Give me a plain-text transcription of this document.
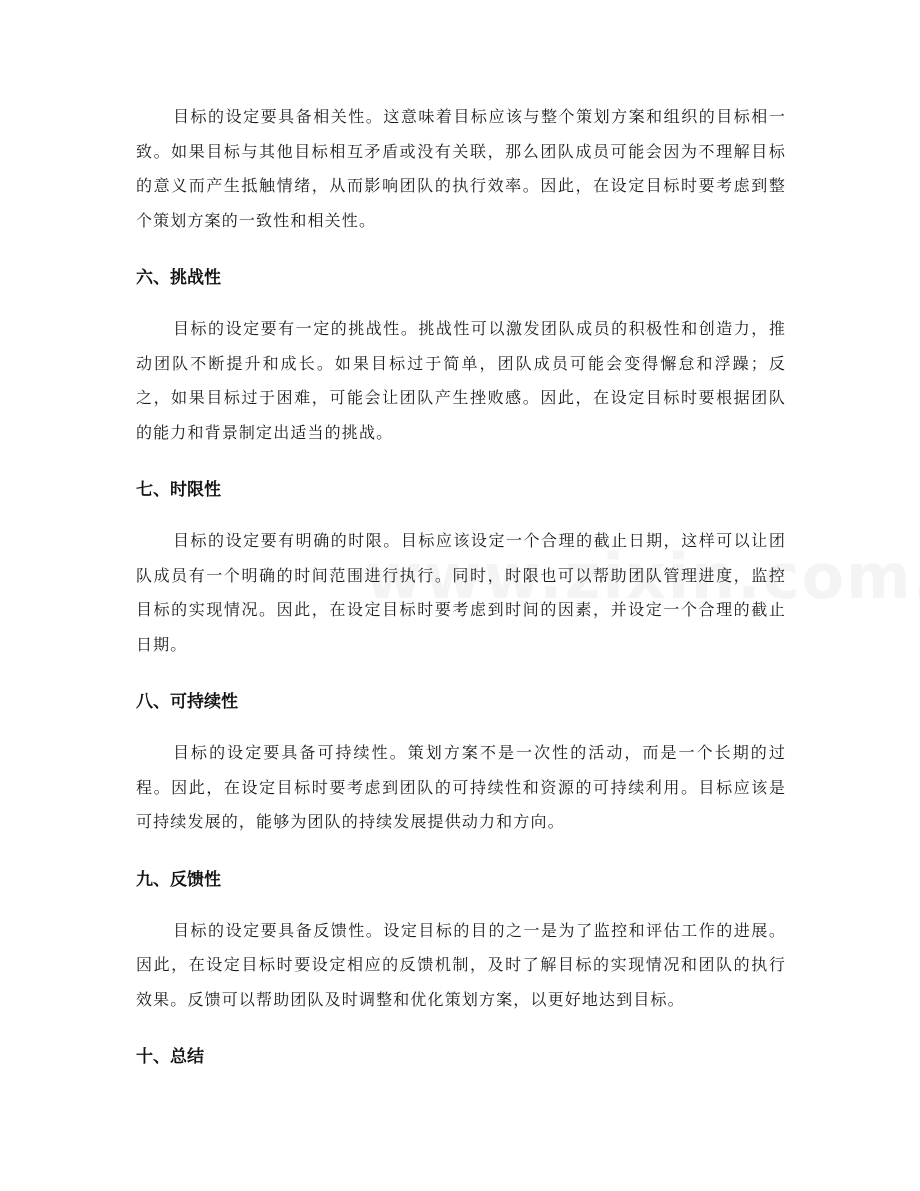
目标的设定要具备相关性。这意味着目标应该与整个策划方案和组织的目标相一致。如果目标与其他目标相互矛盾或没有关联，那么团队成员可能会因为不理解目标的意义而产生抵触情绪，从而影响团队的执行效率。因此，在设定目标时要考虑到整个策划方案的一致性和相关性。

六、挑战性

目标的设定要有一定的挑战性。挑战性可以激发团队成员的积极性和创造力，推动团队不断提升和成长。如果目标过于简单，团队成员可能会变得懈怠和浮躁；反之，如果目标过于困难，可能会让团队产生挫败感。因此，在设定目标时要根据团队的能力和背景制定出适当的挑战。

七、时限性

目标的设定要有明确的时限。目标应该设定一个合理的截止日期，这样可以让团队成员有一个明确的时间范围进行执行。同时，时限也可以帮助团队管理进度，监控目标的实现情况。因此，在设定目标时要考虑到时间的因素，并设定一个合理的截止日期。

八、可持续性

目标的设定要具备可持续性。策划方案不是一次性的活动，而是一个长期的过程。因此，在设定目标时要考虑到团队的可持续性和资源的可持续利用。目标应该是可持续发展的，能够为团队的持续发展提供动力和方向。

九、反馈性

目标的设定要具备反馈性。设定目标的目的之一是为了监控和评估工作的进展。因此，在设定目标时要设定相应的反馈机制，及时了解目标的实现情况和团队的执行效果。反馈可以帮助团队及时调整和优化策划方案，以更好地达到目标。

十、总结
